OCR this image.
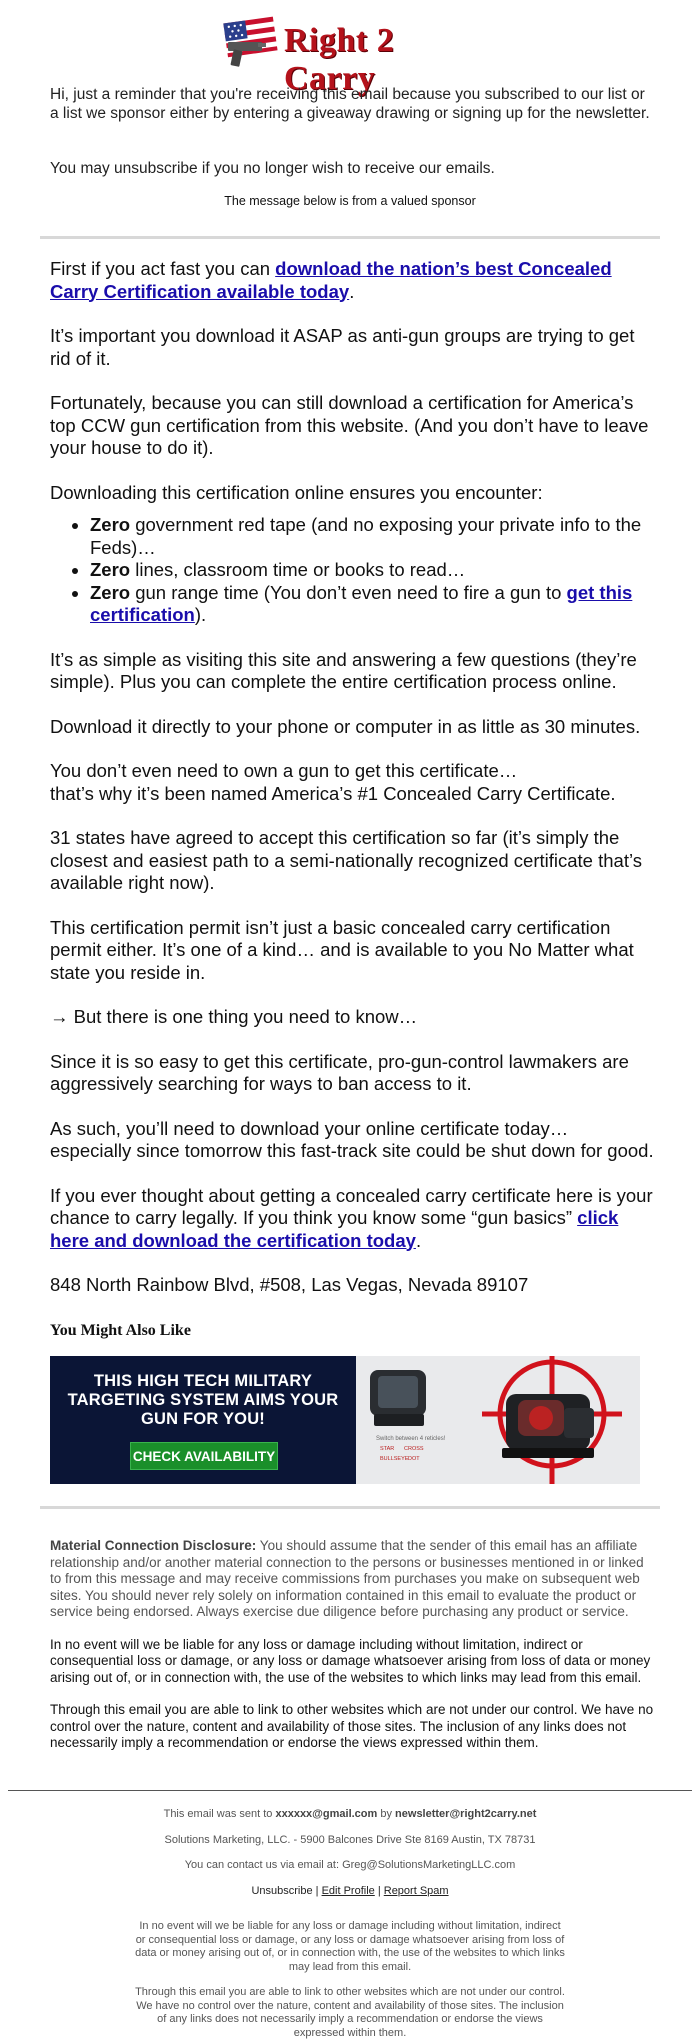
Right 2 Carry

Hi, just a reminder that you're receiving this email because you subscribed to our list or a list we sponsor either by entering a giveaway drawing or signing up for the newsletter.

You may unsubscribe if you no longer wish to receive our emails.

The message below is from a valued sponsor

First if you act fast you can download the nation’s best Concealed Carry Certification available today.

It’s important you download it ASAP as anti-gun groups are trying to get rid of it.

Fortunately, because you can still download a certification for America’s top CCW gun certification from this website. (And you don’t have to leave your house to do it).

Downloading this certification online ensures you encounter:

• Zero government red tape (and no exposing your private info to the Feds)…
• Zero lines, classroom time or books to read…
• Zero gun range time (You don’t even need to fire a gun to get this certification).

It’s as simple as visiting this site and answering a few questions (they’re simple). Plus you can complete the entire certification process online.

Download it directly to your phone or computer in as little as 30 minutes.

You don’t even need to own a gun to get this certificate…
that’s why it’s been named America’s #1 Concealed Carry Certificate.

31 states have agreed to accept this certification so far (it’s simply the closest and easiest path to a semi-nationally recognized certificate that’s available right now).

This certification permit isn’t just a basic concealed carry certification permit either. It’s one of a kind… and is available to you No Matter what state you reside in.

→ But there is one thing you need to know…

Since it is so easy to get this certificate, pro-gun-control lawmakers are aggressively searching for ways to ban access to it.

As such, you’ll need to download your online certificate today… especially since tomorrow this fast-track site could be shut down for good.

If you ever thought about getting a concealed carry certificate here is your chance to carry legally. If you think you know some “gun basics” click here and download the certification today.

848 North Rainbow Blvd, #508, Las Vegas, Nevada 89107

You Might Also Like
THIS HIGH TECH MILITARY TARGETING SYSTEM AIMS YOUR GUN FOR YOU!
CHECK AVAILABILITY
Switch between 4 reticles!
STAR CROSS
BULLSEYE DOT

Material Connection Disclosure: You should assume that the sender of this email has an affiliate relationship and/or another material connection to the persons or businesses mentioned in or linked to from this message and may receive commissions from purchases you make on subsequent web sites. You should never rely solely on information contained in this email to evaluate the product or service being endorsed. Always exercise due diligence before purchasing any product or service.

In no event will we be liable for any loss or damage including without limitation, indirect or consequential loss or damage, or any loss or damage whatsoever arising from loss of data or money arising out of, or in connection with, the use of the websites to which links may lead from this email.

Through this email you are able to link to other websites which are not under our control. We have no control over the nature, content and availability of those sites. The inclusion of any links does not necessarily imply a recommendation or endorse the views expressed within them.

This email was sent to xxxxxx@gmail.com by newsletter@right2carry.net
Solutions Marketing, LLC. - 5900 Balcones Drive Ste 8169 Austin, TX 78731
You can contact us via email at: Greg@SolutionsMarketingLLC.com
Unsubscribe | Edit Profile | Report Spam
In no event will we be liable for any loss or damage including without limitation, indirect or consequential loss or damage, or any loss or damage whatsoever arising from loss of data or money arising out of, or in connection with, the use of the websites to which links may lead from this email.
Through this email you are able to link to other websites which are not under our control. We have no control over the nature, content and availability of those sites. The inclusion of any links does not necessarily imply a recommendation or endorse the views expressed within them.
